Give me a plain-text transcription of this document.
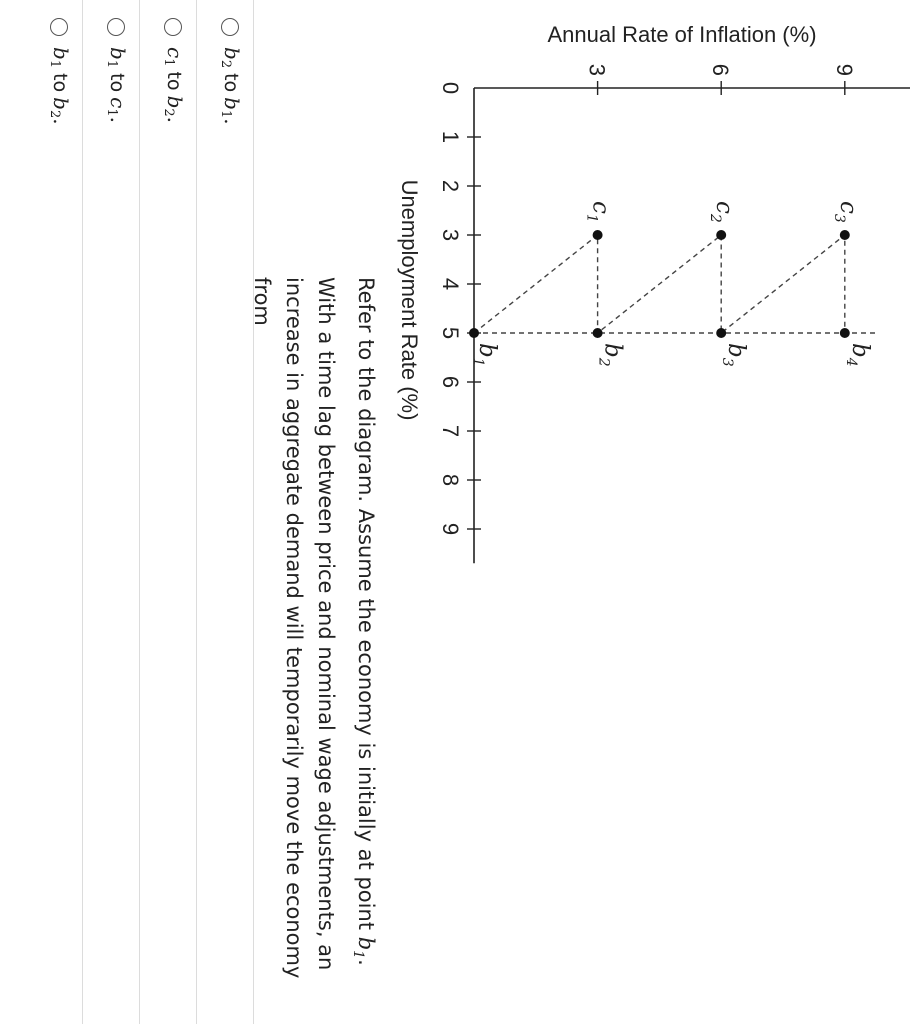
0
1
2
3
4
5
6
7
8
9
3	6	9
$b_1$
$c_1$
$b_2$
$c_2$
$b_3$
$c_3$
$b_4$
Unemployment Rate (%)
Annual Rate of Inflation (%)

Refer to the diagram. Assume the economy is initially at point $b_1$. With a time lag between price and nominal wage adjustments, an increase in aggregate demand will temporarily move the economy from

$b_2tob_1$.
$c_1tob_2$.
$b_1toc_1$.
$b_1tob_2$.
